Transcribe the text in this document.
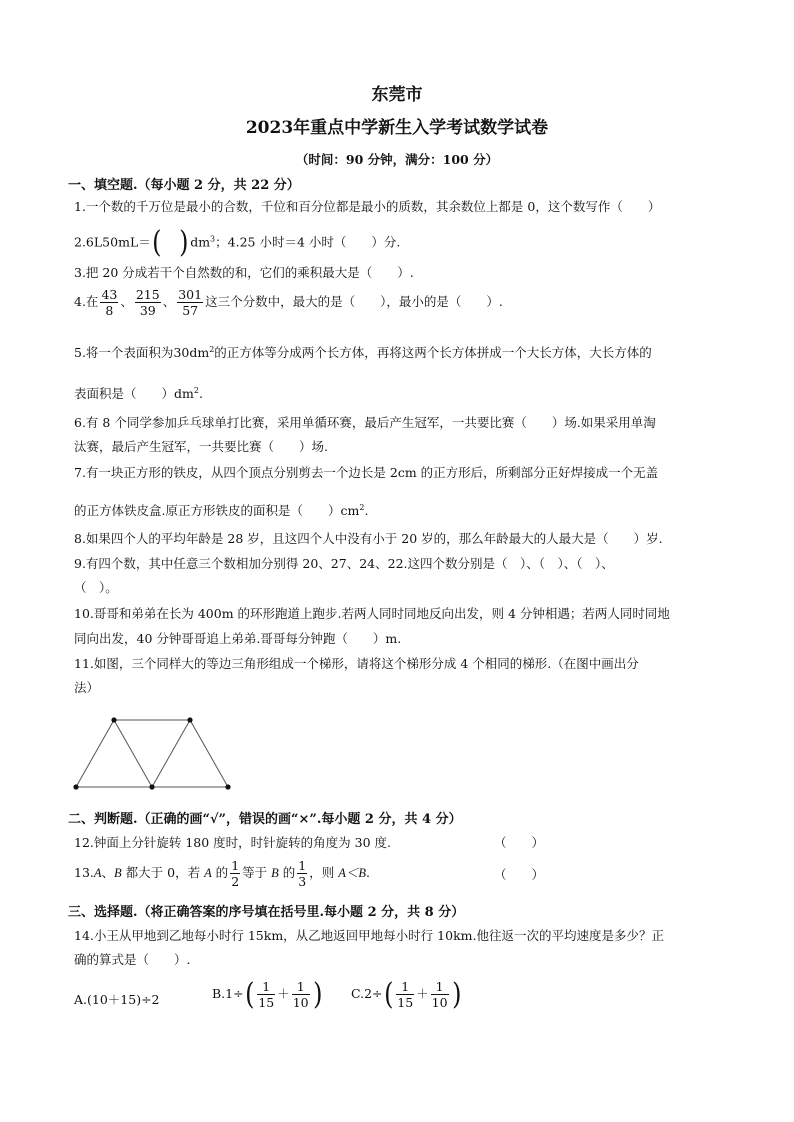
东莞市
2023年重点中学新生入学考试数学试卷
（时间：90 分钟，满分：100 分）
一、填空题.（每小题 2 分，共 22 分）
1.一个数的千万位是最小的合数，千位和百分位都是最小的质数，其余数位上都是 0，这个数写作（　　）
2.6L50mL＝( )$dm^3$；4.25 小时＝4 小时（　　）分.
3.把 20 分成若干个自然数的和，它们的乘积最大是（　　）.
4.在 $\frac{43}{8}$ 、 $\frac{215}{39}$ 、 $\frac{301}{57}$ 这三个分数中，最大的是（　　），最小的是（　　）.
5.将一个表面积为$30dm^2$的正方体等分成两个长方体，再将这两个长方体拼成一个大长方体，大长方体的
表面积是（　　）$dm^2$.
6.有 8 个同学参加乒乓球单打比赛，采用单循环赛，最后产生冠军，一共要比赛（　　）场.如果采用单淘
汰赛，最后产生冠军，一共要比赛（　　）场.
7.有一块正方形的铁皮，从四个顶点分别剪去一个边长是 2cm 的正方形后，所剩部分正好焊接成一个无盖
的正方体铁皮盒.原正方形铁皮的面积是（　　）$cm^2$.
8.如果四个人的平均年龄是 28 岁，且这四个人中没有小于 20 岁的，那么年龄最大的人最大是（　　）岁.
9.有四个数，其中任意三个数相加分别得 20、27、24、22.这四个数分别是（　）、（　）、（　）、
（　）。
10.哥哥和弟弟在长为 400m 的环形跑道上跑步.若两人同时同地反向出发，则 4 分钟相遇；若两人同时同地
同向出发，40 分钟哥哥追上弟弟.哥哥每分钟跑（　　）m.
11.如图，三个同样大的等边三角形组成一个梯形，请将这个梯形分成 4 个相同的梯形.（在图中画出分
法）
二、判断题.（正确的画“√”，错误的画“×”.每小题 2 分，共 4 分）
12.钟面上分针旋转 180 度时，时针旋转的角度为 30 度.	（　　）
13.A、B 都大于 0，若 A 的 $\frac{1}{2}$ 等于 B 的 $\frac{1}{3}$ ，则 A＜B.	（　　）
三、选择题.（将正确答案的序号填在括号里.每小题 2 分，共 8 分）
14.小王从甲地到乙地每小时行 15km，从乙地返回甲地每小时行 10km.他往返一次的平均速度是多少？正
确的算式是（　　）.
A.(10＋15)÷2	$B.1\div( \frac{1}{15} + \frac{1}{10}$ ) $C.2\div( \frac{1}{15} + \frac{1}{10}$ )
